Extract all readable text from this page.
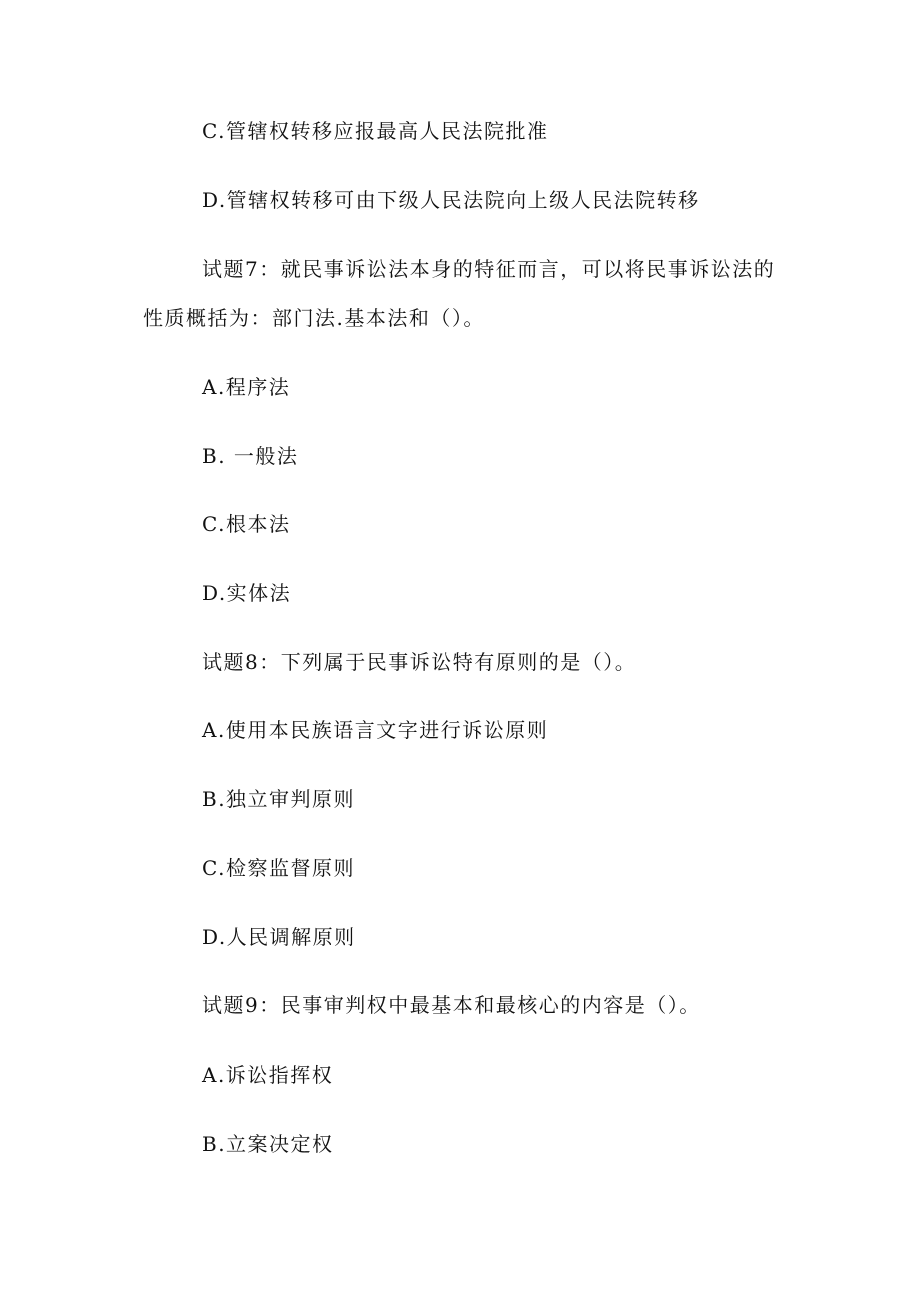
C.管辖权转移应报最高人民法院批准
D.管辖权转移可由下级人民法院向上级人民法院转移
试题7：就民事诉讼法本身的特征而言，可以将民事诉讼法的
性质概括为：部门法.基本法和（）。
A.程序法
B. 一般法
C.根本法
D.实体法
试题8：下列属于民事诉讼特有原则的是（）。
A.使用本民族语言文字进行诉讼原则
B.独立审判原则
C.检察监督原则
D.人民调解原则
试题9：民事审判权中最基本和最核心的内容是（）。
A.诉讼指挥权
B.立案决定权
